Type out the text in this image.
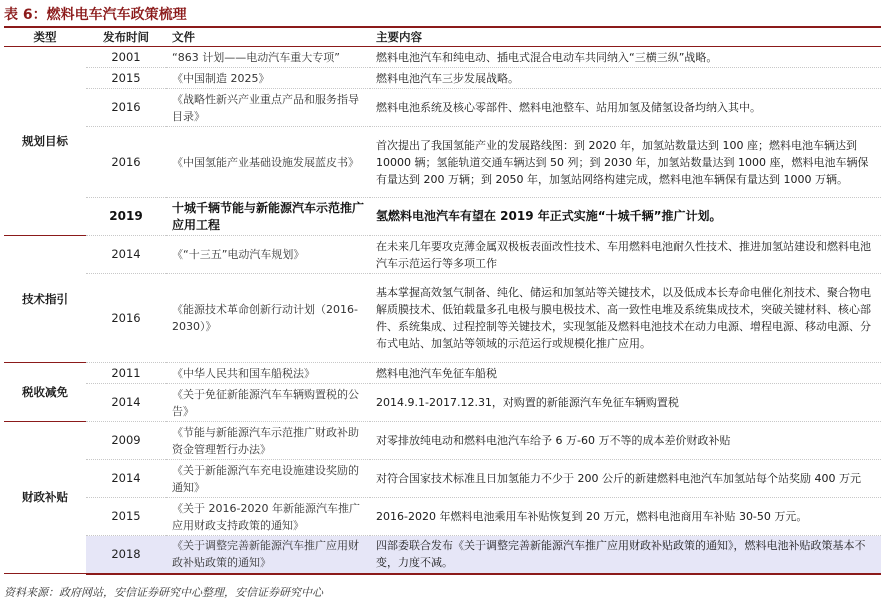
表 6：燃料电车汽车政策梳理
类型	发布时间	文件	主要内容
规划目标	2001	“863 计划——电动汽车重大专项”	燃料电池汽车和纯电动、插电式混合电动车共同纳入“三横三纵”战略。
	2015	《中国制造 2025》	燃料电池汽车三步发展战略。
	2016	《战略性新兴产业重点产品和服务指导目录》	燃料电池系统及核心零部件、燃料电池整车、站用加氢及储氢设备均纳入其中。
	2016	《中国氢能产业基础设施发展蓝皮书》	首次提出了我国氢能产业的发展路线图：到 2020 年，加氢站数量达到 100 座；燃料电池车辆达到 10000 辆；氢能轨道交通车辆达到 50 列；到 2030 年，加氢站数量达到 1000 座，燃料电池车辆保有量达到 200 万辆；到 2050 年，加氢站网络构建完成，燃料电池车辆保有量达到 1000 万辆。
	2019	十城千辆节能与新能源汽车示范推广应用工程	氢燃料电池汽车有望在 2019 年正式实施“十城千辆”推广计划。
技术指引	2014	《“十三五”电动汽车规划》	在未来几年要攻克薄金属双极板表面改性技术、车用燃料电池耐久性技术、推进加氢站建设和燃料电池汽车示范运行等多项工作
	2016	《能源技术革命创新行动计划（2016-2030）》	基本掌握高效氢气制备、纯化、储运和加氢站等关键技术，以及低成本长寿命电催化剂技术、聚合物电解质膜技术、低铂载量多孔电极与膜电极技术、高一致性电堆及系统集成技术，突破关键材料、核心部件、系统集成、过程控制等关键技术，实现氢能及燃料电池技术在动力电源、增程电源、移动电源、分布式电站、加氢站等领域的示范运行或规模化推广应用。
税收减免	2011	《中华人民共和国车船税法》	燃料电池汽车免征车船税
	2014	《关于免征新能源汽车车辆购置税的公告》	2014.9.1-2017.12.31，对购置的新能源汽车免征车辆购置税
财政补贴	2009	《节能与新能源汽车示范推广财政补助资金管理暂行办法》	对零排放纯电动和燃料电池汽车给予 6 万-60 万不等的成本差价财政补贴
	2014	《关于新能源汽车充电设施建设奖励的通知》	对符合国家技术标准且日加氢能力不少于 200 公斤的新建燃料电池汽车加氢站每个站奖励 400 万元
	2015	《关于 2016-2020 年新能源汽车推广应用财政支持政策的通知》	2016-2020 年燃料电池乘用车补贴恢复到 20 万元，燃料电池商用车补贴 30-50 万元。
	2018	《关于调整完善新能源汽车推广应用财政补贴政策的通知》	四部委联合发布《关于调整完善新能源汽车推广应用财政补贴政策的通知》，燃料电池补贴政策基本不变，力度不减。
资料来源：政府网站，安信证券研究中心整理，安信证券研究中心
